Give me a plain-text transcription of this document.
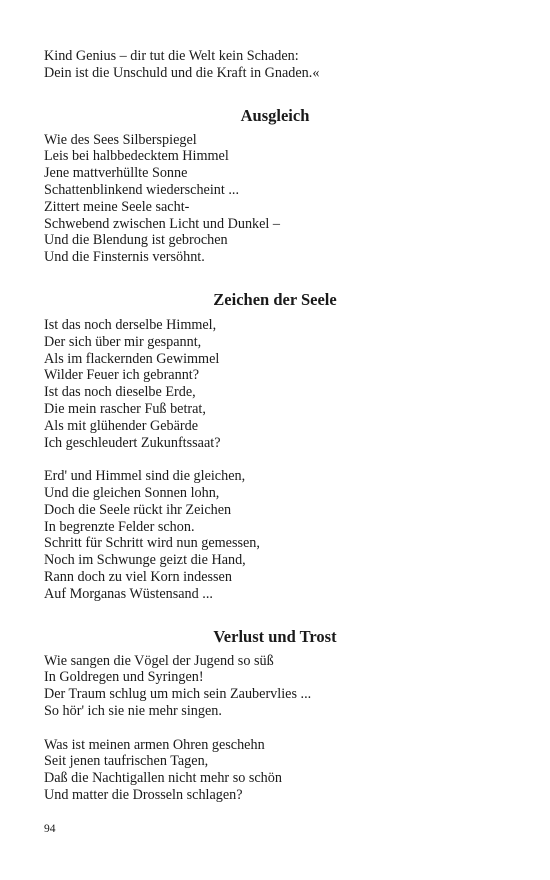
Kind Genius – dir tut die Welt kein Schaden:
Dein ist die Unschuld und die Kraft in Gnaden.«
Ausgleich
Wie des Sees Silberspiegel
Leis bei halbbedecktem Himmel
Jene mattverhüllte Sonne
Schattenblinkend wiederscheint ...
Zittert meine Seele sacht-
Schwebend zwischen Licht und Dunkel –
Und die Blendung ist gebrochen
Und die Finsternis versöhnt.
Zeichen der Seele
Ist das noch derselbe Himmel,
Der sich über mir gespannt,
Als im flackernden Gewimmel
Wilder Feuer ich gebrannt?
Ist das noch dieselbe Erde,
Die mein rascher Fuß betrat,
Als mit glühender Gebärde
Ich geschleudert Zukunftssaat?
Erd' und Himmel sind die gleichen,
Und die gleichen Sonnen lohn,
Doch die Seele rückt ihr Zeichen
In begrenzte Felder schon.
Schritt für Schritt wird nun gemessen,
Noch im Schwunge geizt die Hand,
Rann doch zu viel Korn indessen
Auf Morganas Wüstensand ...
Verlust und Trost
Wie sangen die Vögel der Jugend so süß
In Goldregen und Syringen!
Der Traum schlug um mich sein Zaubervlies ...
So hör' ich sie nie mehr singen.
Was ist meinen armen Ohren geschehn
Seit jenen taufrischen Tagen,
Daß die Nachtigallen nicht mehr so schön
Und matter die Drosseln schlagen?
94
